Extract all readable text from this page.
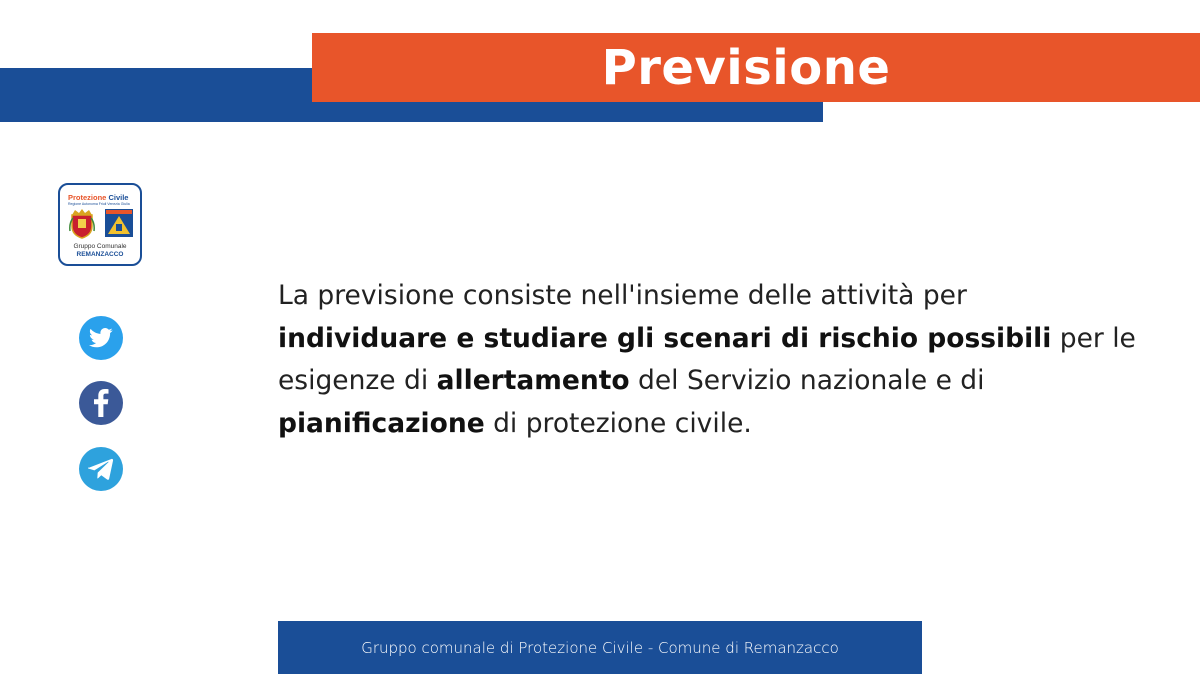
Previsione
Protezione Civile
Regione Autonoma Friuli Venezia Giulia
Gruppo Comunale
REMANZACCO
La previsione consiste nell'insieme delle attività per individuare e studiare gli scenari di rischio possibili per le esigenze di allertamento del Servizio nazionale e di pianificazione di protezione civile.
Gruppo comunale di Protezione Civile - Comune di Remanzacco
